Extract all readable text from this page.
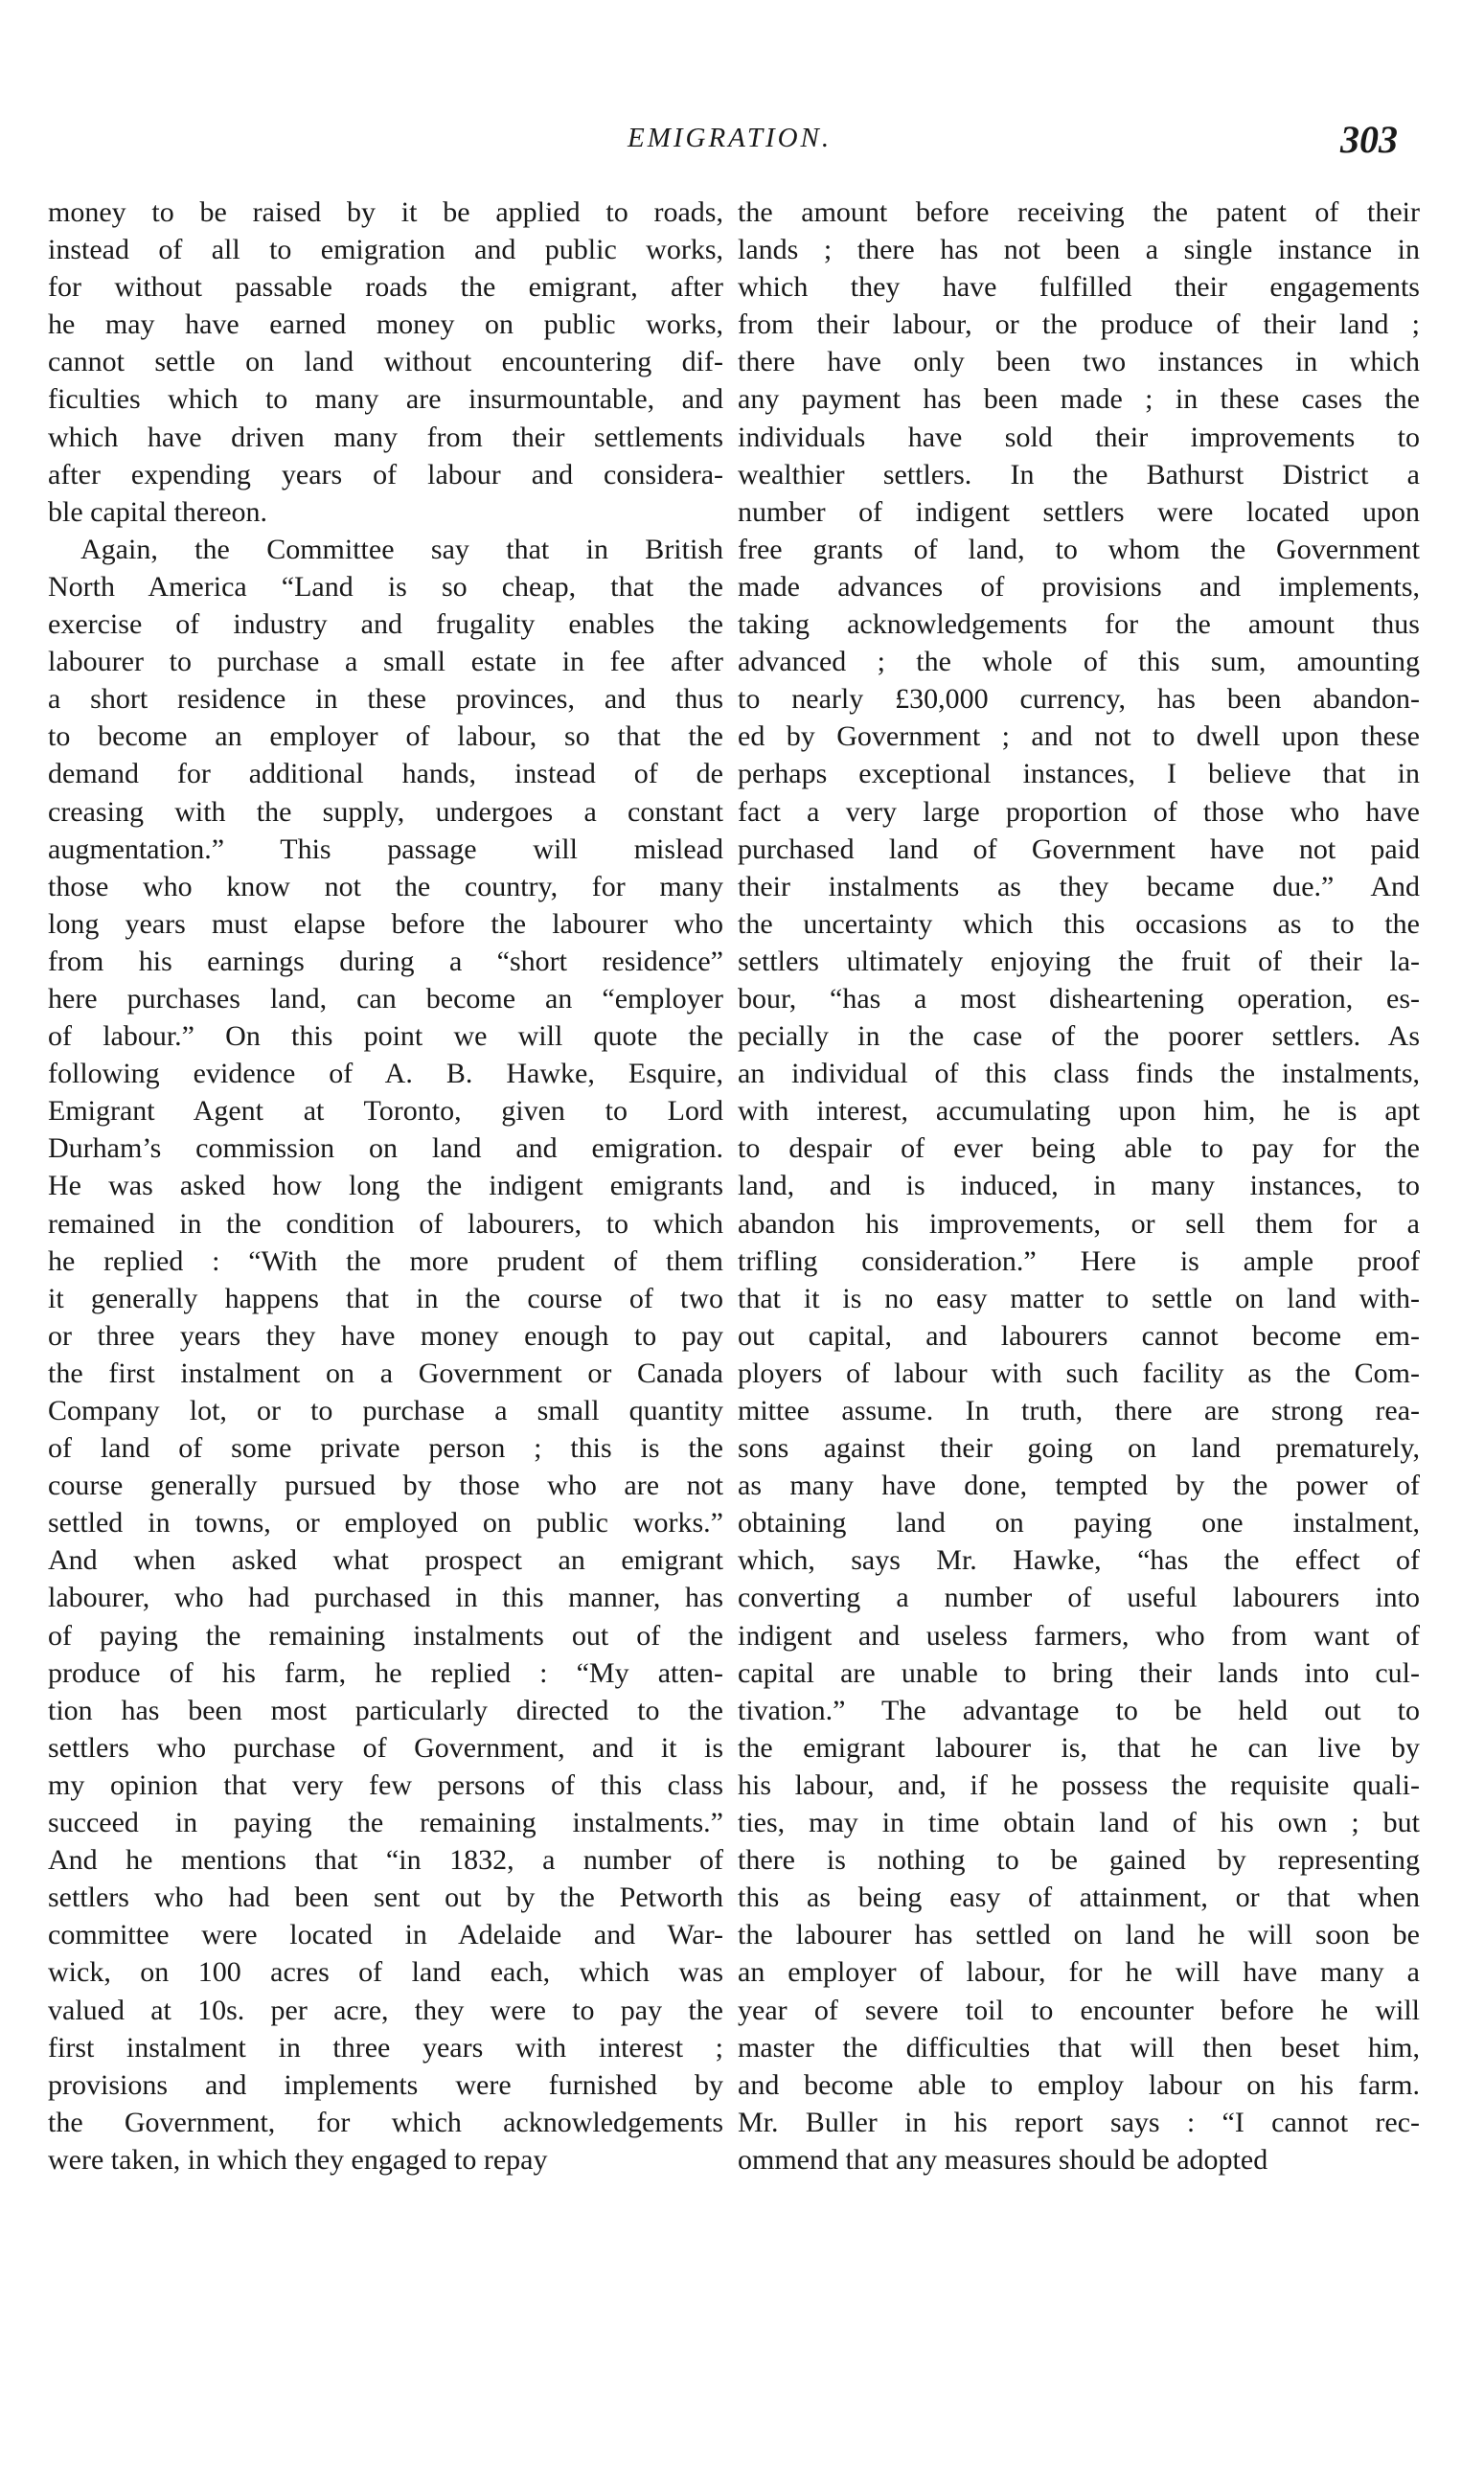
EMIGRATION.	303
money to be raised by it be applied to roads,
instead of all to emigration and public works,
for without passable roads the emigrant, after
he may have earned money on public works,
cannot settle on land without encountering dif-
ficulties which to many are insurmountable, and
which have driven many from their settlements
after expending years of labour and considera-
ble capital thereon.
Again, the Committee say that in British
North America “Land is so cheap, that the
exercise of industry and frugality enables the
labourer to purchase a small estate in fee after
a short residence in these provinces, and thus
to become an employer of labour, so that the
demand for additional hands, instead of de
creasing with the supply, undergoes a constant
augmentation.” This passage will mislead
those who know not the country, for many
long years must elapse before the labourer who
from his earnings during a “short residence”
here purchases land, can become an “employer
of labour.” On this point we will quote the
following evidence of A. B. Hawke, Esquire,
Emigrant Agent at Toronto, given to Lord
Durham’s commission on land and emigration.
He was asked how long the indigent emigrants
remained in the condition of labourers, to which
he replied : “With the more prudent of them
it generally happens that in the course of two
or three years they have money enough to pay
the first instalment on a Government or Canada
Company lot, or to purchase a small quantity
of land of some private person ; this is the
course generally pursued by those who are not
settled in towns, or employed on public works.”
And when asked what prospect an emigrant
labourer, who had purchased in this manner, has
of paying the remaining instalments out of the
produce of his farm, he replied : “My atten-
tion has been most particularly directed to the
settlers who purchase of Government, and it is
my opinion that very few persons of this class
succeed in paying the remaining instalments.”
And he mentions that “in 1832, a number of
settlers who had been sent out by the Petworth
committee were located in Adelaide and War-
wick, on 100 acres of land each, which was
valued at 10s. per acre, they were to pay the
first instalment in three years with interest ;
provisions and implements were furnished by
the Government, for which acknowledgements
were taken, in which they engaged to repay
the amount before receiving the patent of their
lands ; there has not been a single instance in
which they have fulfilled their engagements
from their labour, or the produce of their land ;
there have only been two instances in which
any payment has been made ; in these cases the
individuals have sold their improvements to
wealthier settlers. In the Bathurst District a
number of indigent settlers were located upon
free grants of land, to whom the Government
made advances of provisions and implements,
taking acknowledgements for the amount thus
advanced ; the whole of this sum, amounting
to nearly £30,000 currency, has been abandon-
ed by Government ; and not to dwell upon these
perhaps exceptional instances, I believe that in
fact a very large proportion of those who have
purchased land of Government have not paid
their instalments as they became due.” And
the uncertainty which this occasions as to the
settlers ultimately enjoying the fruit of their la-
bour, “has a most disheartening operation, es-
pecially in the case of the poorer settlers. As
an individual of this class finds the instalments,
with interest, accumulating upon him, he is apt
to despair of ever being able to pay for the
land, and is induced, in many instances, to
abandon his improvements, or sell them for a
trifling consideration.” Here is ample proof
that it is no easy matter to settle on land with-
out capital, and labourers cannot become em-
ployers of labour with such facility as the Com-
mittee assume. In truth, there are strong rea-
sons against their going on land prematurely,
as many have done, tempted by the power of
obtaining land on paying one instalment,
which, says Mr. Hawke, “has the effect of
converting a number of useful labourers into
indigent and useless farmers, who from want of
capital are unable to bring their lands into cul-
tivation.” The advantage to be held out to
the emigrant labourer is, that he can live by
his labour, and, if he possess the requisite quali-
ties, may in time obtain land of his own ; but
there is nothing to be gained by representing
this as being easy of attainment, or that when
the labourer has settled on land he will soon be
an employer of labour, for he will have many a
year of severe toil to encounter before he will
master the difficulties that will then beset him,
and become able to employ labour on his farm.
Mr. Buller in his report says : “I cannot rec-
ommend that any measures should be adopted
